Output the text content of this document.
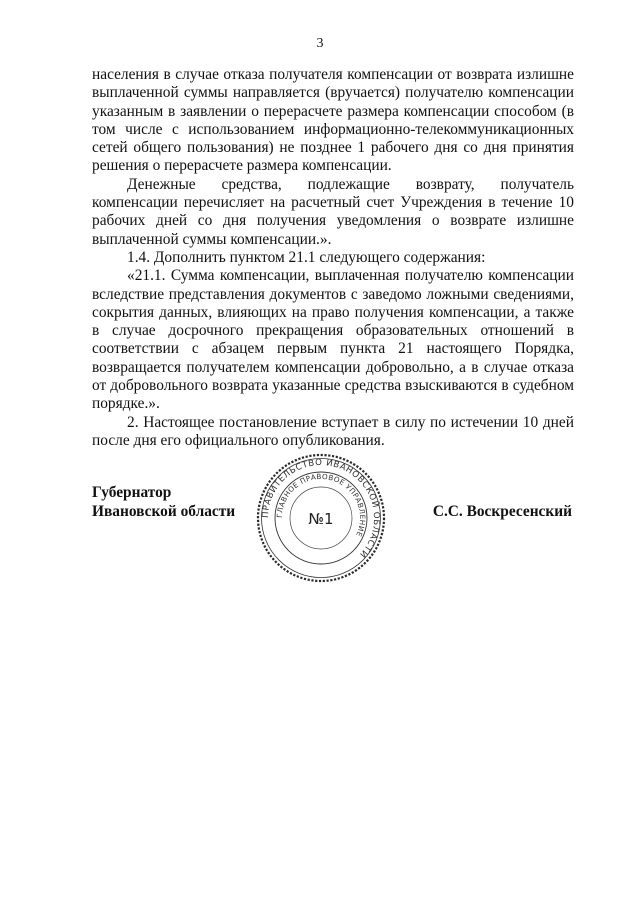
3

населения в случае отказа получателя компенсации от возврата излишне выплаченной суммы направляется (вручается) получателю компенсации указанным в заявлении о перерасчете размера компенсации способом (в том числе с использованием информационно-телекоммуникационных сетей общего пользования) не позднее 1 рабочего дня со дня принятия решения о перерасчете размера компенсации.

Денежные средства, подлежащие возврату, получатель компенсации перечисляет на расчетный счет Учреждения в течение 10 рабочих дней со дня получения уведомления о возврате излишне выплаченной суммы компенсации.».

1.4. Дополнить пунктом 21.1 следующего содержания:

«21.1. Сумма компенсации, выплаченная получателю компенсации вследствие представления документов с заведомо ложными сведениями, сокрытия данных, влияющих на право получения компенсации, а также в случае досрочного прекращения образовательных отношений в соответствии с абзацем первым пункта 21 настоящего Порядка, возвращается получателем компенсации добровольно, а в случае отказа от добровольного возврата указанные средства взыскиваются в судебном порядке.».

2. Настоящее постановление вступает в силу по истечении 10 дней после дня его официального опубликования.

Губернатор
Ивановской области	ПРАВИТЕЛЬСТВО ИВАНОВСКОЙ ОБЛАСТИ
ГЛАВНОЕ ПРАВОВОЕ УПРАВЛЕНИЕ
№1	С.С. Воскресенский
